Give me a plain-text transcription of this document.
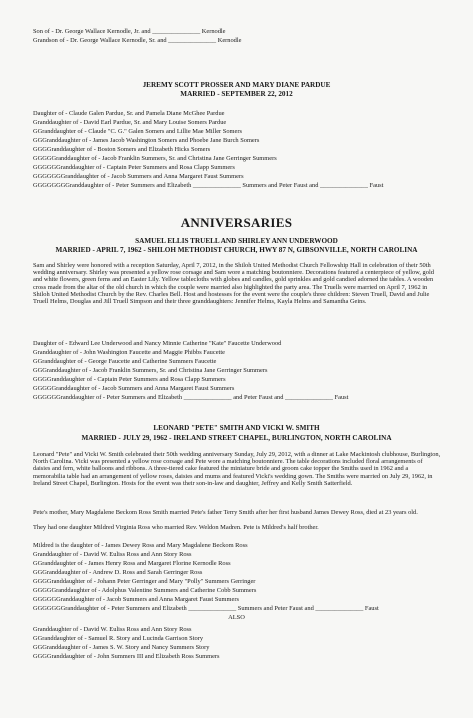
Son of - Dr. George Wallace Kernodle, Jr. and _______________ Kernodle
Grandson of - Dr. George Wallace Kernodle, Sr. and _______________ Kernodle
JEREMY SCOTT PROSSER AND MARY DIANE PARDUE
MARRIED - SEPTEMBER 22, 2012
Daughter of - Claude Galen Pardue, Sr. and Pamela Diane McGhee Pardue
Granddaughter of - David Earl Pardue, Sr. and Mary Louise Somers Pardue
GGranddaughter of - Claude "C. G." Galen Somers and Lillie Mae Miller Somers
GGGranddaughter of - James Jacob Washington Somers and Phoebe Jane Burch Somers
GGGGranddaughter of - Boston Somers and Elizabeth Hicks Somers
GGGGGranddaughter of - Jacob Franklin Summers, Sr. and Christina Jane Gerringer Summers
GGGGGGranddaughter of - Captain Peter Summers and Rosa Clapp Summers
GGGGGGGranddaughter of - Jacob Summers and Anna Margaret Faust Summers
GGGGGGGGranddaughter of - Peter Summers and Elizabeth _______________ Summers and Peter Faust and _______________ Faust
ANNIVERSARIES
SAMUEL ELLIS TRUELL AND SHIRLEY ANN UNDERWOOD
MARRIED - APRIL 7, 1962 - SHILOH METHODIST CHURCH, HWY 87 N, GIBSONVILLE, NORTH CAROLINA
Sam and Shirley were honored with a reception Saturday, April 7, 2012, in the Shiloh United Methodist Church Fellowship Hall in celebration of their 50th wedding anniversary. Shirley was presented a yellow rose corsage and Sam wore a matching boutonniere. Decorations featured a centerpiece of yellow, gold and white flowers, green ferns and an Easter Lily. Yellow tablecloths with globes and candles, gold sprinkles and gold candied adorned the tables. A wooden cross made from the altar of the old church in which the couple were married also highlighted the party area. The Truells were married on April 7, 1962 in Shiloh United Methodist Church by the Rev. Charles Bell. Host and hostesses for the event were the couple's three children: Steven Truell, David and Julie Truell Helms, Douglas and Jill Truell Simpson and their three granddaughters: Jennifer Helms, Kayla Helms and Samantha Geins.
Daughter of - Edward Lee Underwood and Nancy Minnie Catherine "Kate" Faucette Underwood
Granddaughter of - John Washington Faucette and Maggie Phibbs Faucette
GGranddaughter of - George Faucette and Catherine Summers Faucette
GGGranddaughter of - Jacob Franklin Summers, Sr. and Christina Jane Gerringer Summers
GGGGranddaughter of - Captain Peter Summers and Rosa Clapp Summers
GGGGGranddaughter of - Jacob Summers and Anna Margaret Faust Summers
GGGGGGranddaughter of - Peter Summers and Elizabeth _______________ and Peter Faust and _______________ Faust
LEONARD "PETE" SMITH AND VICKI W. SMITH
MARRIED - JULY 29, 1962 - IRELAND STREET CHAPEL, BURLINGTON, NORTH CAROLINA
Leonard "Pete" and Vicki W. Smith celebrated their 50th wedding anniversary Sunday, July 29, 2012, with a dinner at Lake Mackintosh clubhouse, Burlington, North Carolina. Vicki was presented a yellow rose corsage and Pete wore a matching boutonniere. The table decorations included floral arrangements of daisies and fern, white balloons and ribbons. A three-tiered cake featured the miniature bride and groom cake topper the Smiths used in 1962 and a memorabilia table had an arrangement of yellow roses, daisies and mums and featured Vicki's wedding gown. The Smiths were married on July 29, 1962, in Ireland Street Chapel, Burlington. Hosts for the event was their son-in-law and daughter, Jeffrey and Kelly Smith Satterfield.
Pete's mother, Mary Magdalene Beckom Ross Smith married Pete's father Terry Smith after her first husband James Dewey Ross, died at 23 years old.
They had one daughter Mildred Virginia Ross who married Rev. Weldon Madren. Pete is Mildred's half brother.
Mildred is the daughter of - James Dewey Ross and Mary Magdalene Beckom Ross
Granddaughter of - David W. Euliss Ross and Ann Story Ross
GGranddaughter of - James Henry Ross and Margaret Florine Kernodle Ross
GGGranddaughter of - Andrew D. Ross and Sarah Gerringer Ross
GGGGranddaughter of - Johann Peter Gerringer and Mary "Polly" Summers Gerringer
GGGGGranddaughter of - Adolphus Valentine Summers and Catherine Cobb Summers
GGGGGGranddaughter of - Jacob Summers and Anna Margaret Faust Summers
GGGGGGGranddaughter of - Peter Summers and Elizabeth _______________ Summers and Peter Faust and _______________ Faust
ALSO
Granddaughter of - David W. Euliss Ross and Ann Story Ross
GGranddaughter of - Samuel R. Story and Lucinda Garrison Story
GGGranddaughter of - James S. W. Story and Nancy Summers Story
GGGGranddaughter of - John Summers III and Elizabeth Ross Summers
